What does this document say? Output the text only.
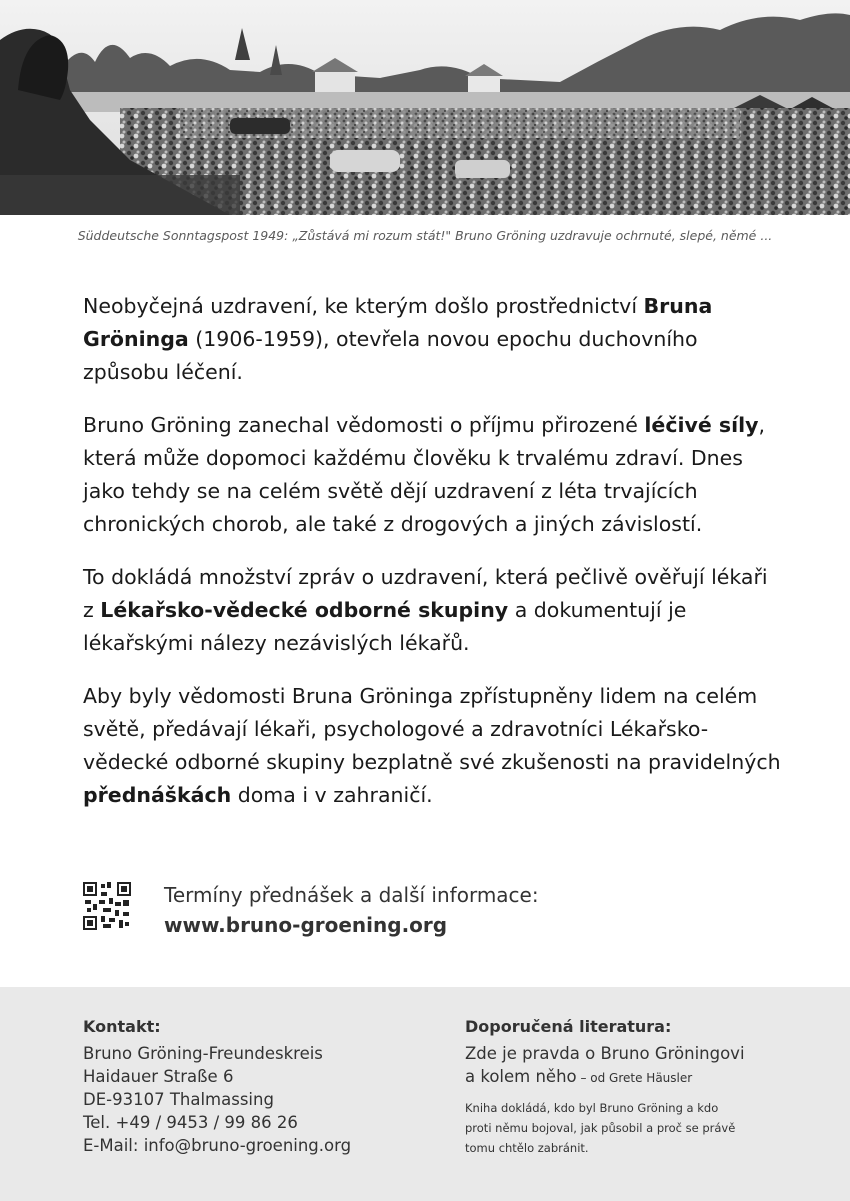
Süddeutsche Sonntagspost 1949: „Zůstává mi rozum stát!" Bruno Gröning uzdravuje ochrnuté, slepé, němé ...

Neobyčejná uzdravení, ke kterým došlo prostřednictví Bruna Gröninga (1906-1959), otevřela novou epochu duchovního způsobu léčení.

Bruno Gröning zanechal vědomosti o příjmu přirozené léčivé síly, která může dopomoci každému člověku k trvalému zdraví. Dnes jako tehdy se na celém světě dějí uzdravení z léta trvajících chronických chorob, ale také z drogových a jiných závislostí.

To dokládá množství zpráv o uzdravení, která pečlivě ověřují lékaři z Lékařsko-vědecké odborné skupiny a dokumentují je lékařskými nálezy nezávislých lékařů.

Aby byly vědomosti Bruna Gröninga zpřístupněny lidem na celém světě, předávají lékaři, psychologové a zdravotníci Lékařsko-vědecké odborné skupiny bezplatně své zkušenosti na pravidelných přednáškách doma i v zahraničí.

Termíny přednášek a další informace:
www.bruno-groening.org
Kontakt:
Bruno Gröning-Freundeskreis
Haidauer Straße 6
DE-93107 Thalmassing
Tel. +49 / 9453 / 99 86 26
E-Mail: info@bruno-groening.org
Doporučená literatura:
Zde je pravda o Bruno Gröningovi
a kolem něho – od Grete Häusler
Kniha dokládá, kdo byl Bruno Gröning a kdo
proti němu bojoval, jak působil a proč se právě
tomu chtělo zabránit.
